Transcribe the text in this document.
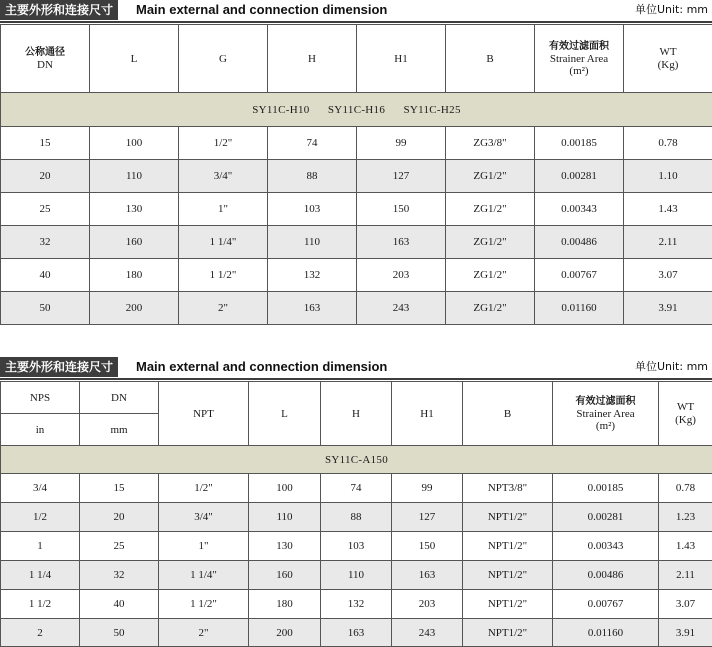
主要外形和连接尺寸	Main external and connection dimension	单位Unit: mm
公称通径
DN	L	G	H	H1	B	有效过滤面积
Strainer Area
(m²)	WT
(Kg)

SY11C-H10      SY11C-H16      SY11C-H25							
15	100	1/2"	74	99	ZG3/8"	0.00185	0.78
20	110	3/4"	88	127	ZG1/2"	0.00281	1.10
25	130	1"	103	150	ZG1/2"	0.00343	1.43
32	160	1 1/4"	110	163	ZG1/2"	0.00486	2.11
40	180	1 1/2"	132	203	ZG1/2"	0.00767	3.07
50	200	2"	163	243	ZG1/2"	0.01160	3.91
主要外形和连接尺寸	Main external and connection dimension	单位Unit: mm
NPS	DN	NPT	L	H	H1	B	有效过滤面积
Strainer Area
(m²)	WT
(Kg)

in	mm							
SY11C-A150								
3/4	15	1/2"	100	74	99	NPT3/8"	0.00185	0.78
1/2	20	3/4"	110	88	127	NPT1/2"	0.00281	1.23
1	25	1"	130	103	150	NPT1/2"	0.00343	1.43
1 1/4	32	1 1/4"	160	110	163	NPT1/2"	0.00486	2.11
1 1/2	40	1 1/2"	180	132	203	NPT1/2"	0.00767	3.07
2	50	2"	200	163	243	NPT1/2"	0.01160	3.91
